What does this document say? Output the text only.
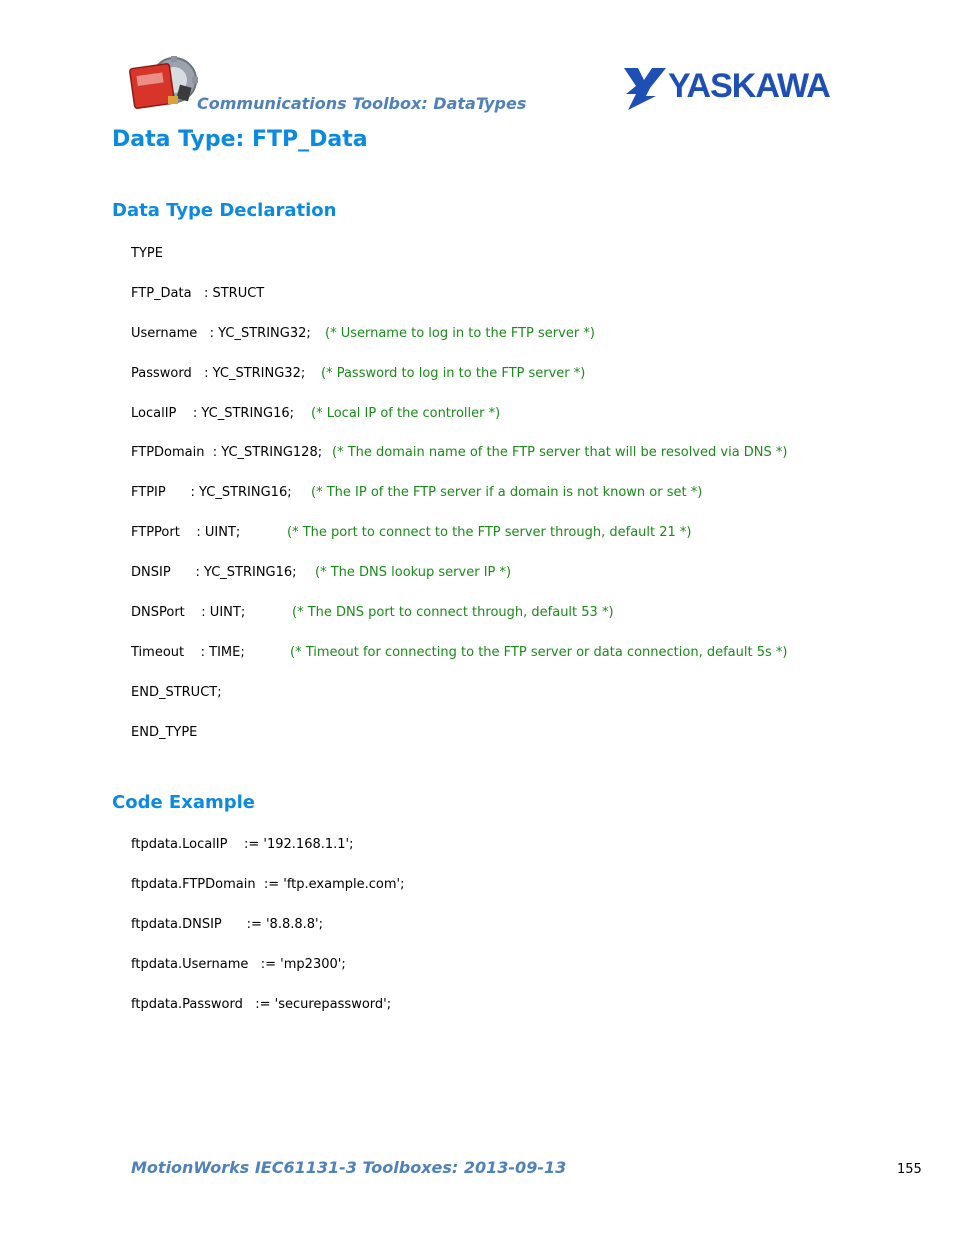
Communications Toolbox: DataTypes	YASKAWA
Data Type: FTP_Data
Data Type Declaration
TYPE
FTP_Data   : STRUCT
Username   : YC_STRING32; (* Username to log in to the FTP server *)
Password   : YC_STRING32; (* Password to log in to the FTP server *)
LocalIP    : YC_STRING16; (* Local IP of the controller *)
FTPDomain  : YC_STRING128; (* The domain name of the FTP server that will be resolved via DNS *)
FTPIP      : YC_STRING16; (* The IP of the FTP server if a domain is not known or set *)
FTPPort    : UINT;	(* The port to connect to the FTP server through, default 21 *)
DNSIP      : YC_STRING16; (* The DNS lookup server IP *)
DNSPort    : UINT;	(* The DNS port to connect through, default 53 *)
Timeout    : TIME;	(* Timeout for connecting to the FTP server or data connection, default 5s *)
END_STRUCT;
END_TYPE
Code Example
ftpdata.LocalIP    := '192.168.1.1';
ftpdata.FTPDomain  := 'ftp.example.com';
ftpdata.DNSIP      := '8.8.8.8';
ftpdata.Username   := 'mp2300';
ftpdata.Password   := 'securepassword';
MotionWorks IEC61131-3 Toolboxes: 2013-09-13	155
